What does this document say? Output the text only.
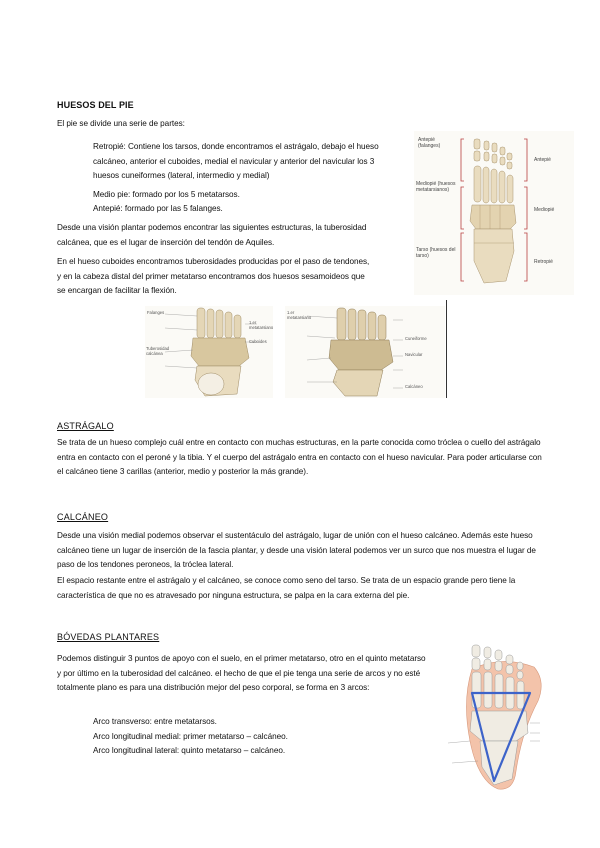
HUESOS DEL PIE

El pie se divide una serie de partes:

Retropié: Contiene los tarsos, donde encontramos el astrágalo, debajo el hueso calcáneo, anterior el cuboides, medial el navicular y anterior del navicular los 3 huesos cuneiformes (lateral, intermedio y medial)

Medio pie: formado por los 5 metatarsos.

Antepié: formado por las 5 falanges.

Desde una visión plantar podemos encontrar las siguientes estructuras, la tuberosidad calcánea, que es el lugar de inserción del tendón de Aquiles.

En el hueso cuboides encontramos tuberosidades producidas por el paso de tendones, y en la cabeza distal del primer metatarso encontramos dos huesos sesamoideos que se encargan de facilitar la flexión.

Antepié (falanges)
Mediopié (huesos metatarsianos)
Tarso (huesos del tarso)
Antepié
Mediopié
Retropié
Falanges
Tuberosidad calcánea
1.er metatarsiano
Cuboides
1.er metatarsiano
Cuneiforme
Navicular
Calcáneo
ASTRÁGALO

Se trata de un hueso complejo cuál entre en contacto con muchas estructuras, en la parte conocida como tróclea o cuello del astrágalo entra en contacto con el peroné y la tibia. Y el cuerpo del astrágalo entra en contacto con el hueso navicular. Para poder articularse con el calcáneo tiene 3 carillas (anterior, medio y posterior la más grande).

CALCÁNEO

Desde una visión medial podemos observar el sustentáculo del astrágalo, lugar de unión con el hueso calcáneo. Además este hueso calcáneo tiene un lugar de inserción de la fascia plantar, y desde una visión lateral podemos ver un surco que nos muestra el lugar de paso de los tendones peroneos, la tróclea lateral.

El espacio restante entre el astrágalo y el calcáneo, se conoce como seno del tarso. Se trata de un espacio grande pero tiene la característica de que no es atravesado por ninguna estructura, se palpa en la cara externa del pie.

BÓVEDAS PLANTARES

Podemos distinguir 3 puntos de apoyo con el suelo, en el primer metatarso, otro en el quinto metatarso y por último en la tuberosidad del calcáneo. el hecho de que el pie tenga una serie de arcos y no esté totalmente plano es para una distribución mejor del peso corporal, se forma en 3 arcos:

Arco transverso: entre metatarsos.

Arco longitudinal medial: primer metatarso – calcáneo.

Arco longitudinal lateral: quinto metatarso – calcáneo.
